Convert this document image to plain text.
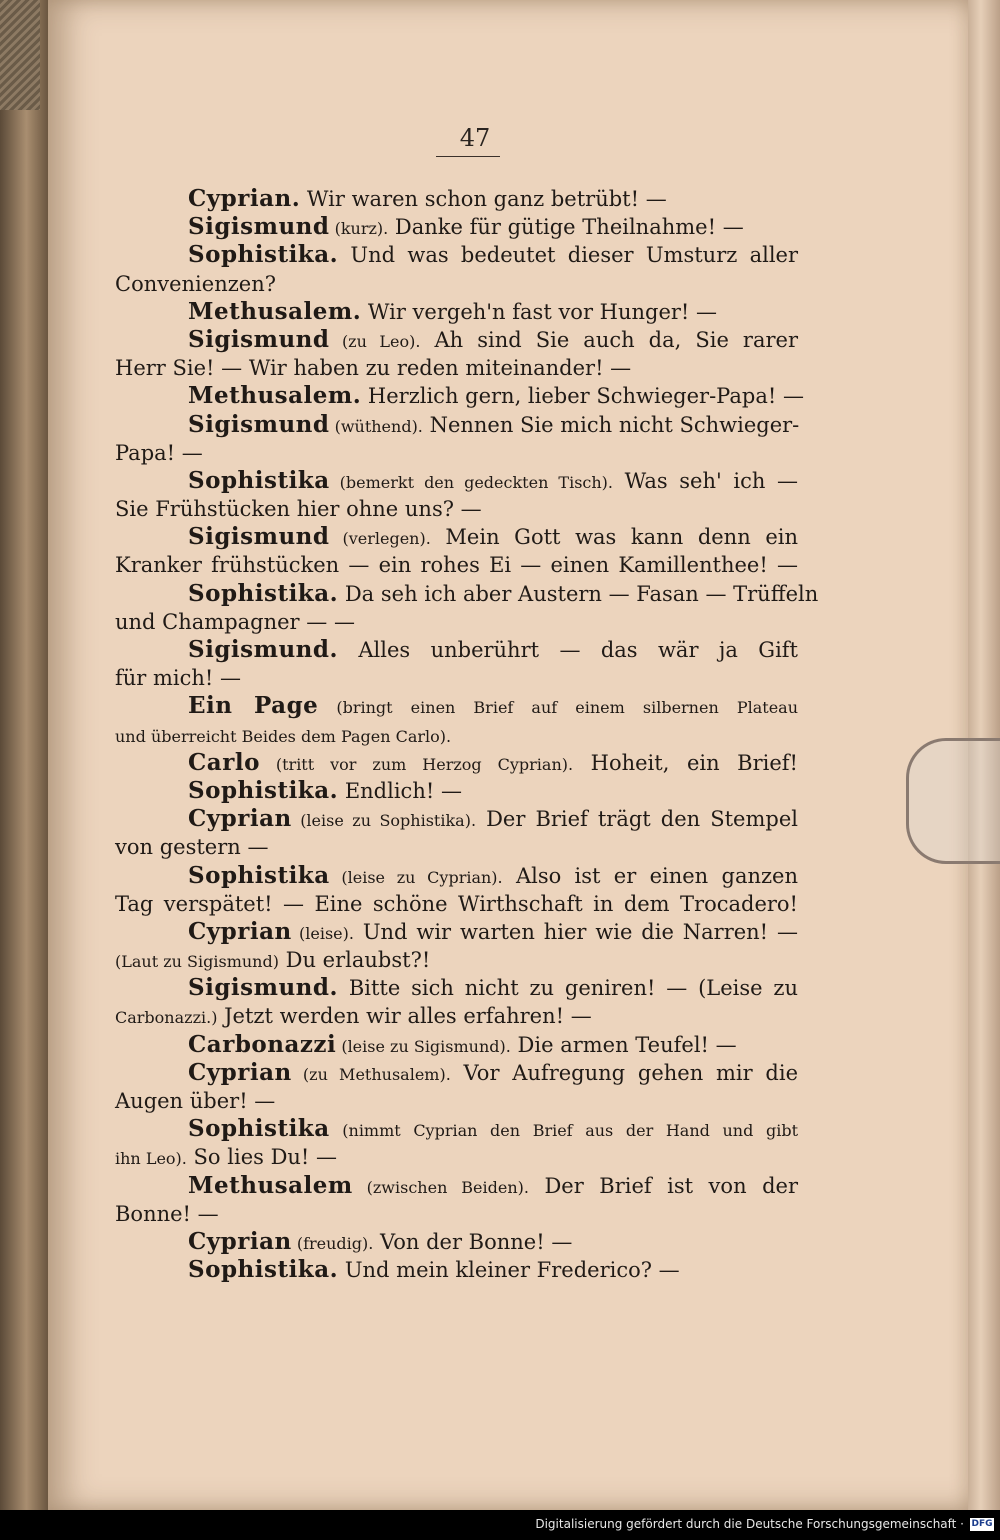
47
Cyprian. Wir waren schon ganz betrübt! —
Sigismund (kurz). Danke für gütige Theilnahme! —
Sophistika. Und was bedeutet dieser Umsturz aller
Convenienzen?
Methusalem. Wir vergeh'n fast vor Hunger! —
Sigismund (zu Leo). Ah sind Sie auch da, Sie rarer
Herr Sie! — Wir haben zu reden miteinander! —
Methusalem. Herzlich gern, lieber Schwieger-Papa! —
Sigismund (wüthend). Nennen Sie mich nicht Schwieger-
Papa! —
Sophistika (bemerkt den gedeckten Tisch). Was seh' ich —
Sie Frühstücken hier ohne uns? —
Sigismund (verlegen). Mein Gott was kann denn ein
Kranker frühstücken — ein rohes Ei — einen Kamillenthee! —
Sophistika. Da seh ich aber Austern — Fasan — Trüffeln
und Champagner — —
Sigismund. Alles unberührt — das wär ja Gift
für mich! —
Ein Page (bringt einen Brief auf einem silbernen Plateau
und überreicht Beides dem Pagen Carlo).
Carlo (tritt vor zum Herzog Cyprian). Hoheit, ein Brief!
Sophistika. Endlich! —
Cyprian (leise zu Sophistika). Der Brief trägt den Stempel
von gestern —
Sophistika (leise zu Cyprian). Also ist er einen ganzen
Tag verspätet! — Eine schöne Wirthschaft in dem Trocadero!
Cyprian (leise). Und wir warten hier wie die Narren! —
(Laut zu Sigismund) Du erlaubst?!
Sigismund. Bitte sich nicht zu geniren! — (Leise zu
Carbonazzi.) Jetzt werden wir alles erfahren! —
Carbonazzi (leise zu Sigismund). Die armen Teufel! —
Cyprian (zu Methusalem). Vor Aufregung gehen mir die
Augen über! —
Sophistika (nimmt Cyprian den Brief aus der Hand und gibt
ihn Leo). So lies Du! —
Methusalem (zwischen Beiden). Der Brief ist von der
Bonne! —
Cyprian (freudig). Von der Bonne! —
Sophistika. Und mein kleiner Frederico? —
Digitalisierung gefördert durch die Deutsche Forschungsgemeinschaft · DFG
